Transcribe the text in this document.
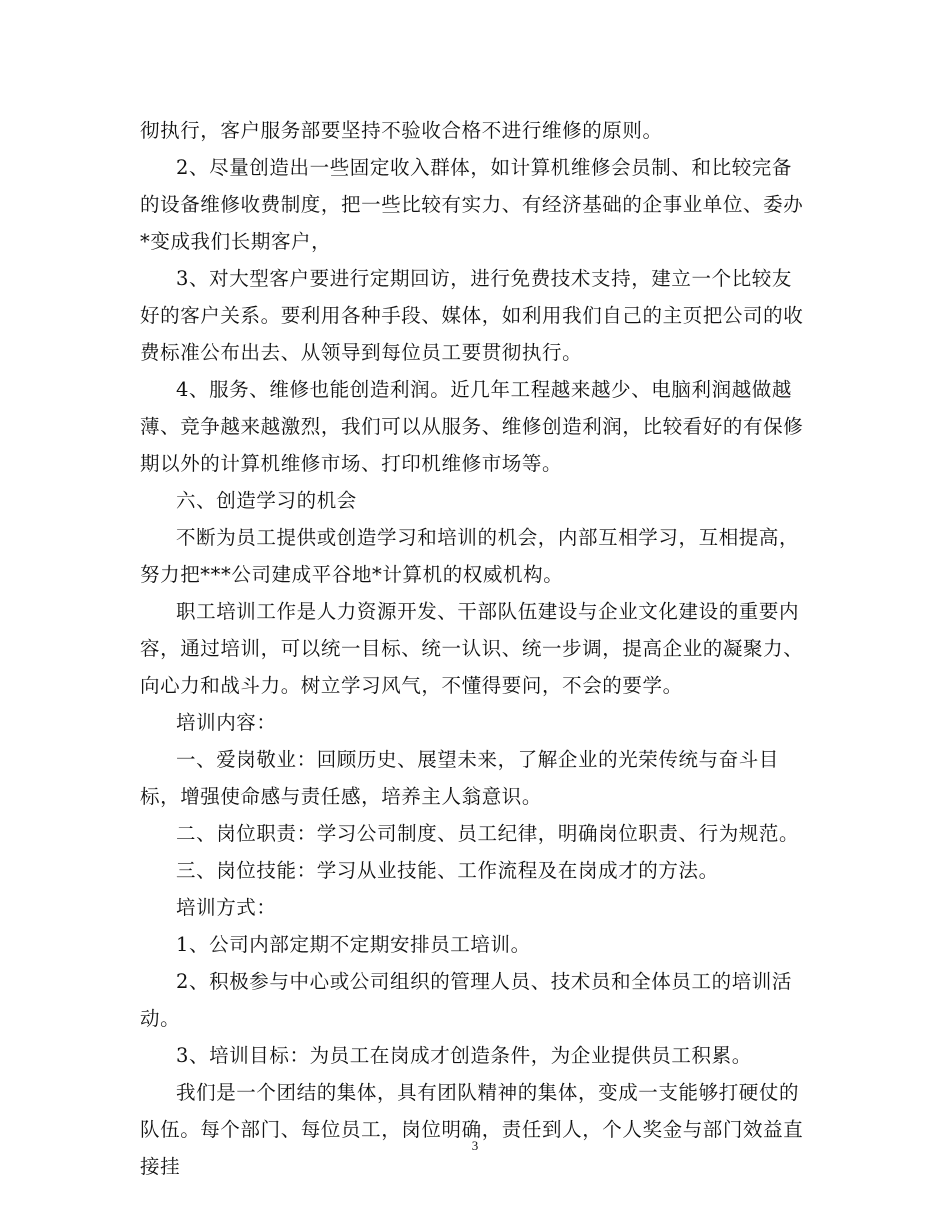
彻执行，客户服务部要坚持不验收合格不进行维修的原则。

2、尽量创造出一些固定收入群体，如计算机维修会员制、和比较完备的设备维修收费制度，把一些比较有实力、有经济基础的企事业单位、委办*变成我们长期客户，

3、对大型客户要进行定期回访，进行免费技术支持，建立一个比较友好的客户关系。要利用各种手段、媒体，如利用我们自己的主页把公司的收费标准公布出去、从领导到每位员工要贯彻执行。

4、服务、维修也能创造利润。近几年工程越来越少、电脑利润越做越薄、竞争越来越激烈，我们可以从服务、维修创造利润，比较看好的有保修期以外的计算机维修市场、打印机维修市场等。

六、创造学习的机会

不断为员工提供或创造学习和培训的机会，内部互相学习，互相提高，努力把***公司建成平谷地*计算机的权威机构。

职工培训工作是人力资源开发、干部队伍建设与企业文化建设的重要内容，通过培训，可以统一目标、统一认识、统一步调，提高企业的凝聚力、向心力和战斗力。树立学习风气，不懂得要问，不会的要学。

培训内容：

一、爱岗敬业：回顾历史、展望未来，了解企业的光荣传统与奋斗目标，增强使命感与责任感，培养主人翁意识。

二、岗位职责：学习公司制度、员工纪律，明确岗位职责、行为规范。

三、岗位技能：学习从业技能、工作流程及在岗成才的方法。

培训方式：

1、公司内部定期不定期安排员工培训。

2、积极参与中心或公司组织的管理人员、技术员和全体员工的培训活动。

3、培训目标：为员工在岗成才创造条件，为企业提供员工积累。

我们是一个团结的集体，具有团队精神的集体，变成一支能够打硬仗的队伍。每个部门、每位员工，岗位明确，责任到人，个人奖金与部门效益直接挂

3
